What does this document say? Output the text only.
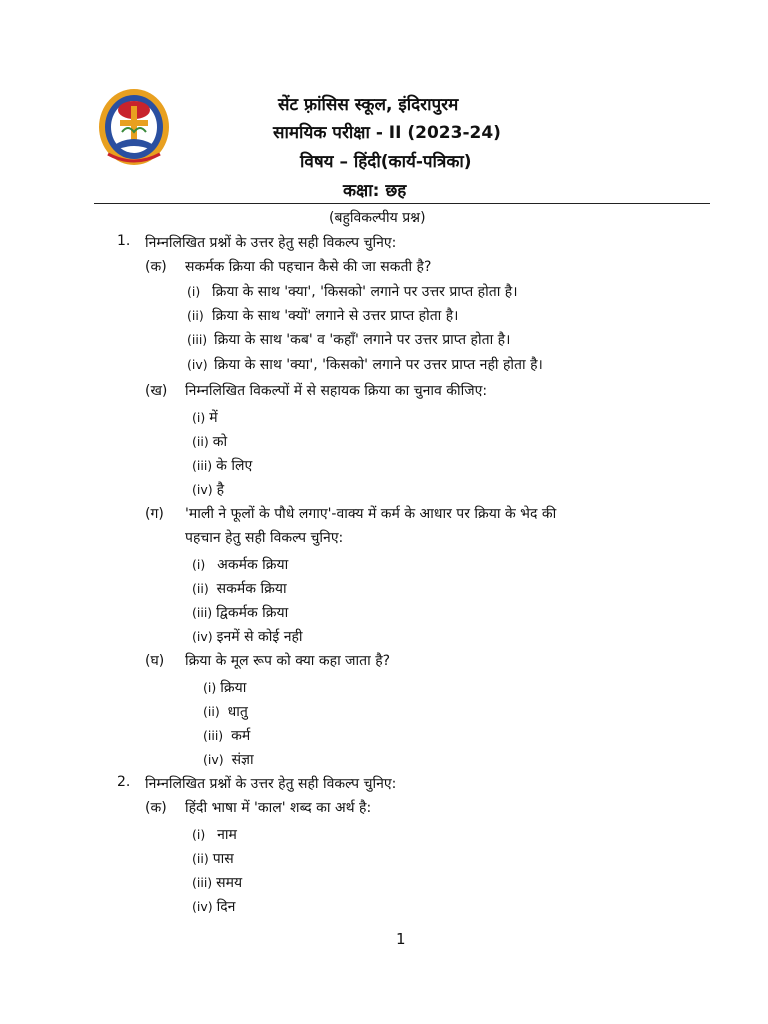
सेंट फ़्रांसिस स्कूल, इंदिरापुरम
सामयिक परीक्षा - II (2023-24)
विषय – हिंदी(कार्य-पत्रिका)
कक्षा: छह
(बहुविकल्पीय प्रश्न)
1. निम्नलिखित प्रश्नों के उत्तर हेतु सही विकल्प चुनिए:
(क) सकर्मक क्रिया की पहचान कैसे की जा सकती है?
(i) क्रिया के साथ 'क्या', 'किसको' लगाने पर उत्तर प्राप्त होता है।
(ii) क्रिया के साथ 'क्यों' लगाने से उत्तर प्राप्त होता है।
(iii) क्रिया के साथ 'कब' व 'कहाँ' लगाने पर उत्तर प्राप्त होता है।
(iv) क्रिया के साथ 'क्या', 'किसको' लगाने पर उत्तर प्राप्त नही होता है।
(ख) निम्नलिखित विकल्पों में से सहायक क्रिया का चुनाव कीजिए:
(i) में
(ii) को
(iii) के लिए
(iv) है
(ग) 'माली ने फूलों के पौधे लगाए'-वाक्य में कर्म के आधार पर क्रिया के भेद की
पहचान हेतु सही विकल्प चुनिए:
(i) अकर्मक क्रिया
(ii) सकर्मक क्रिया
(iii) द्विकर्मक क्रिया
(iv) इनमें से कोई नही
(घ) क्रिया के मूल रूप को क्या कहा जाता है?
(i) क्रिया
(ii) धातु
(iii) कर्म
(iv) संज्ञा
2. निम्नलिखित प्रश्नों के उत्तर हेतु सही विकल्प चुनिए:
(क) हिंदी भाषा में 'काल' शब्द का अर्थ है:
(i) नाम
(ii) पास
(iii) समय
(iv) दिन
1
